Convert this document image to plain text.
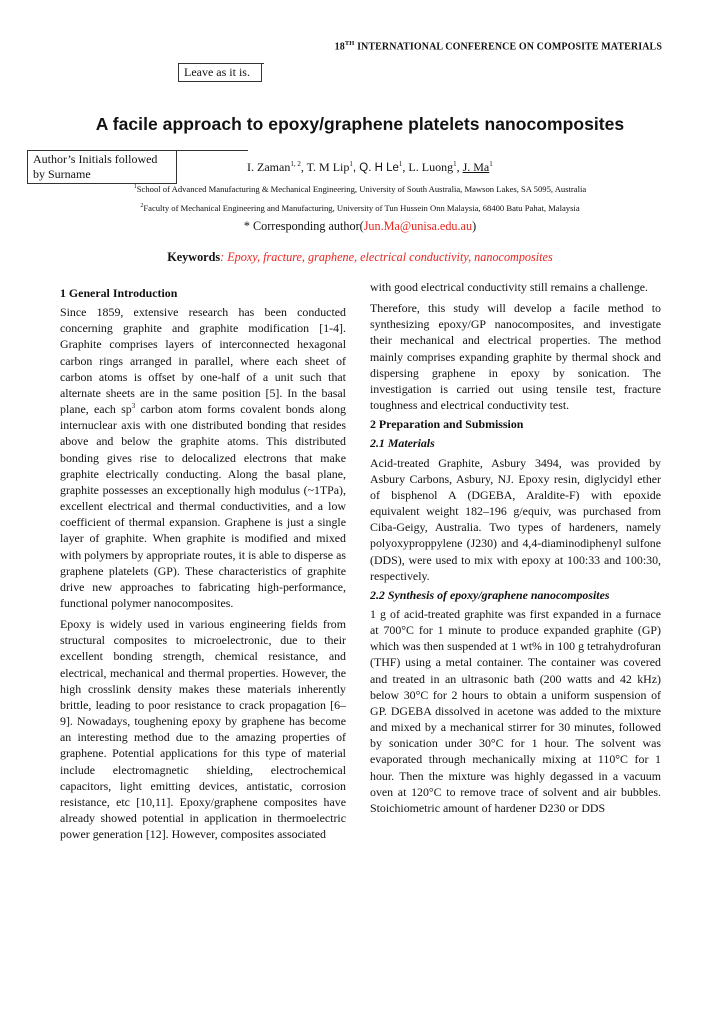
18TH INTERNATIONAL CONFERENCE ON COMPOSITE MATERIALS
Leave as it is.
A facile approach to epoxy/graphene platelets nanocomposites
Author’s Initials followed by Surname	I. Zaman$^{1, 2}$, T. M Lip$^1$, Q. H Le$^1$, L. Luong$^1$, J. Ma$^1$
$^1$School of Advanced Manufacturing & Mechanical Engineering, University of South Australia, Mawson Lakes, SA 5095, Australia
$^2$Faculty of Mechanical Engineering and Manufacturing, University of Tun Hussein Onn Malaysia, 68400 Batu Pahat, Malaysia
* Corresponding author(Jun.Ma@unisa.edu.au)
Keywords: Epoxy, fracture, graphene, electrical conductivity, nanocomposites
1 General Introduction

Since 1859, extensive research has been conducted concerning graphite and graphite modification [1-4]. Graphite comprises layers of interconnected hexagonal carbon rings arranged in parallel, where each sheet of carbon atoms is offset by one-half of a unit such that alternate sheets are in the same position [5]. In the basal plane, each $sp^3$ carbon atom forms covalent bonds along internuclear axis with one distributed bonding that resides above and below the graphite atoms. This distributed bonding gives rise to delocalized electrons that make graphite electrically conducting. Along the basal plane, graphite possesses an exceptionally high modulus (~1TPa), excellent electrical and thermal conductivities, and a low coefficient of thermal expansion. Graphene is just a single layer of graphite. When graphite is modified and mixed with polymers by appropriate routes, it is able to disperse as graphene platelets (GP). These characteristics of graphite drive new approaches to fabricating high-performance, functional polymer nanocomposites.

Epoxy is widely used in various engineering fields from structural composites to microelectronic, due to their excellent bonding strength, chemical resistance, and electrical, mechanical and thermal properties. However, the high crosslink density makes these materials inherently brittle, leading to poor resistance to crack propagation [6–9]. Nowadays, toughening epoxy by graphene has become an interesting method due to the amazing properties of graphene. Potential applications for this type of material include electromagnetic shielding, electrochemical capacitors, light emitting devices, antistatic, corrosion resistance, etc [10,11]. Epoxy/graphene composites have already showed potential in application in thermoelectric power generation [12]. However, composites associated

with good electrical conductivity still remains a challenge.

Therefore, this study will develop a facile method to synthesizing epoxy/GP nanocomposites, and investigate their mechanical and electrical properties. The method mainly comprises expanding graphite by thermal shock and dispersing graphene in epoxy by sonication. The investigation is carried out using tensile test, fracture toughness and electrical conductivity test.

2 Preparation and Submission
2.1 Materials

Acid-treated Graphite, Asbury 3494, was provided by Asbury Carbons, Asbury, NJ. Epoxy resin, diglycidyl ether of bisphenol A (DGEBA, Araldite-F) with epoxide equivalent weight 182–196 g/equiv, was purchased from Ciba-Geigy, Australia. Two types of hardeners, namely polyoxyproppylene (J230) and 4,4-diaminodiphenyl sulfone (DDS), were used to mix with epoxy at 100:33 and 100:30, respectively.

2.2 Synthesis of epoxy/graphene nanocomposites

1 g of acid-treated graphite was first expanded in a furnace at 700°C for 1 minute to produce expanded graphite (GP) which was then suspended at 1 wt% in 100 g tetrahydrofuran (THF) using a metal container. The container was covered and treated in an ultrasonic bath (200 watts and 42 kHz) below 30°C for 2 hours to obtain a uniform suspension of GP. DGEBA dissolved in acetone was added to the mixture and mixed by a mechanical stirrer for 30 minutes, followed by sonication under 30°C for 1 hour. The solvent was evaporated through mechanically mixing at 110°C for 1 hour. Then the mixture was highly degassed in a vacuum oven at 120°C to remove trace of solvent and air bubbles. Stoichiometric amount of hardener D230 or DDS
